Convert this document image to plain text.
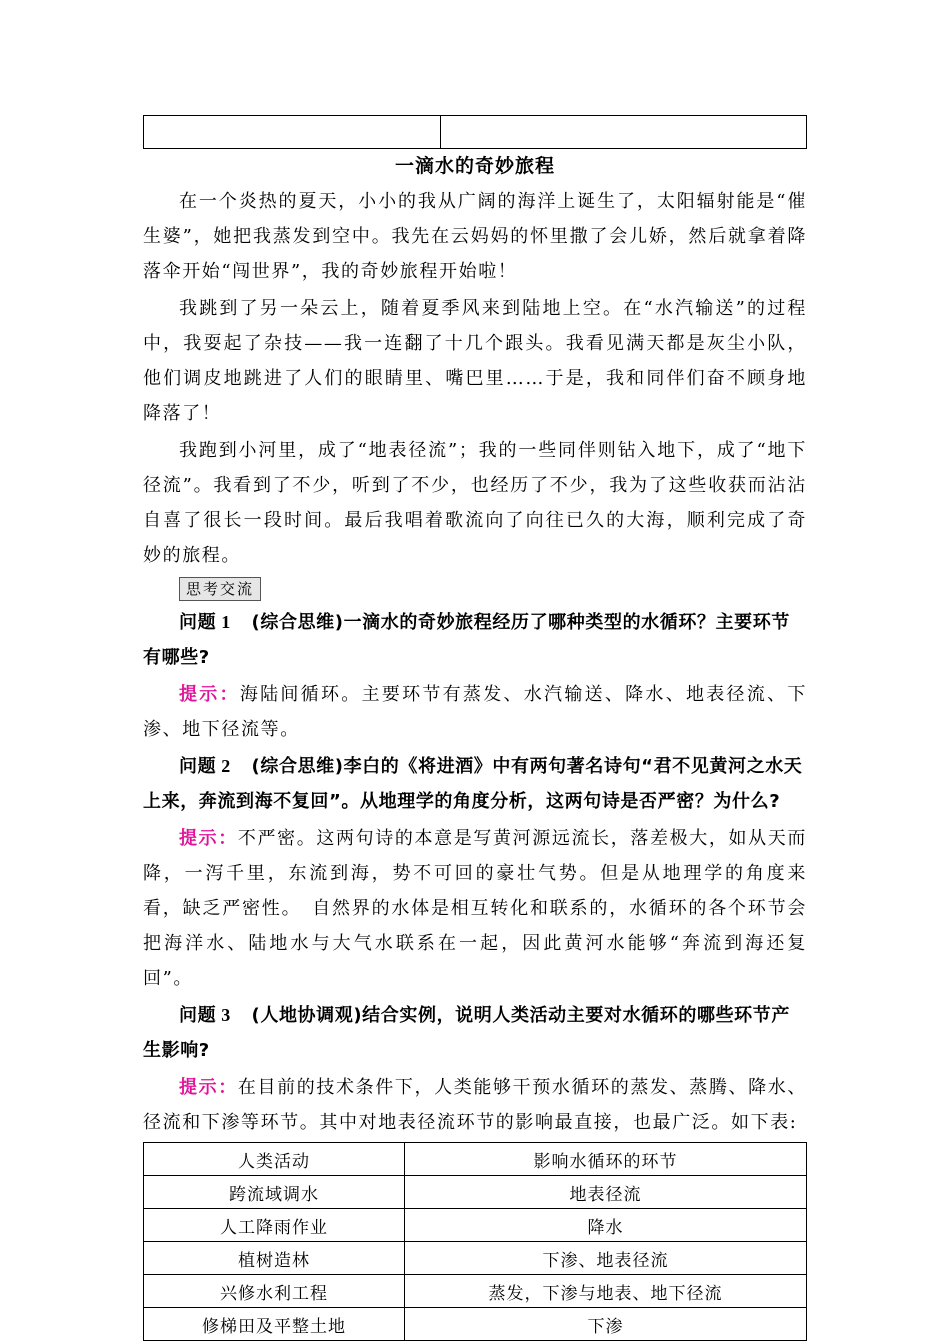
一滴水的奇妙旅程

在一个炎热的夏天，小小的我从广阔的海洋上诞生了，太阳辐射能是“催生婆”，她把我蒸发到空中。我先在云妈妈的怀里撒了会儿娇，然后就拿着降落伞开始“闯世界”，我的奇妙旅程开始啦！

我跳到了另一朵云上，随着夏季风来到陆地上空。在“水汽输送”的过程中，我耍起了杂技——我一连翻了十几个跟头。我看见满天都是灰尘小队，他们调皮地跳进了人们的眼睛里、嘴巴里……于是，我和同伴们奋不顾身地降落了！

我跑到小河里，成了“地表径流”；我的一些同伴则钻入地下，成了“地下径流”。我看到了不少，听到了不少，也经历了不少，我为了这些收获而沾沾自喜了很长一段时间。最后我唱着歌流向了向往已久的大海，顺利完成了奇妙的旅程。

思考交流

问题 1 (综合思维)一滴水的奇妙旅程经历了哪种类型的水循环？主要环节有哪些?

提示：海陆间循环。主要环节有蒸发、水汽输送、降水、地表径流、下渗、地下径流等。

问题 2 (综合思维)李白的《将进酒》中有两句著名诗句“君不见黄河之水天上来，奔流到海不复回”。从地理学的角度分析，这两句诗是否严密？为什么?

提示：不严密。这两句诗的本意是写黄河源远流长，落差极大，如从天而降，一泻千里，东流到海，势不可回的豪壮气势。但是从地理学的角度来看，缺乏严密性。　自然界的水体是相互转化和联系的，水循环的各个环节会把海洋水、陆地水与大气水联系在一起，因此黄河水能够“奔流到海还复回”。

问题 3 (人地协调观)结合实例，说明人类活动主要对水循环的哪些环节产生影响?

提示：在目前的技术条件下，人类能够干预水循环的蒸发、蒸腾、降水、径流和下渗等环节。其中对地表径流环节的影响最直接，也最广泛。如下表:

人类活动	影响水循环的环节
跨流域调水	地表径流
人工降雨作业	降水
植树造林	下渗、地表径流
兴修水利工程	蒸发，下渗与地表、地下径流
修梯田及平整土地	下渗
